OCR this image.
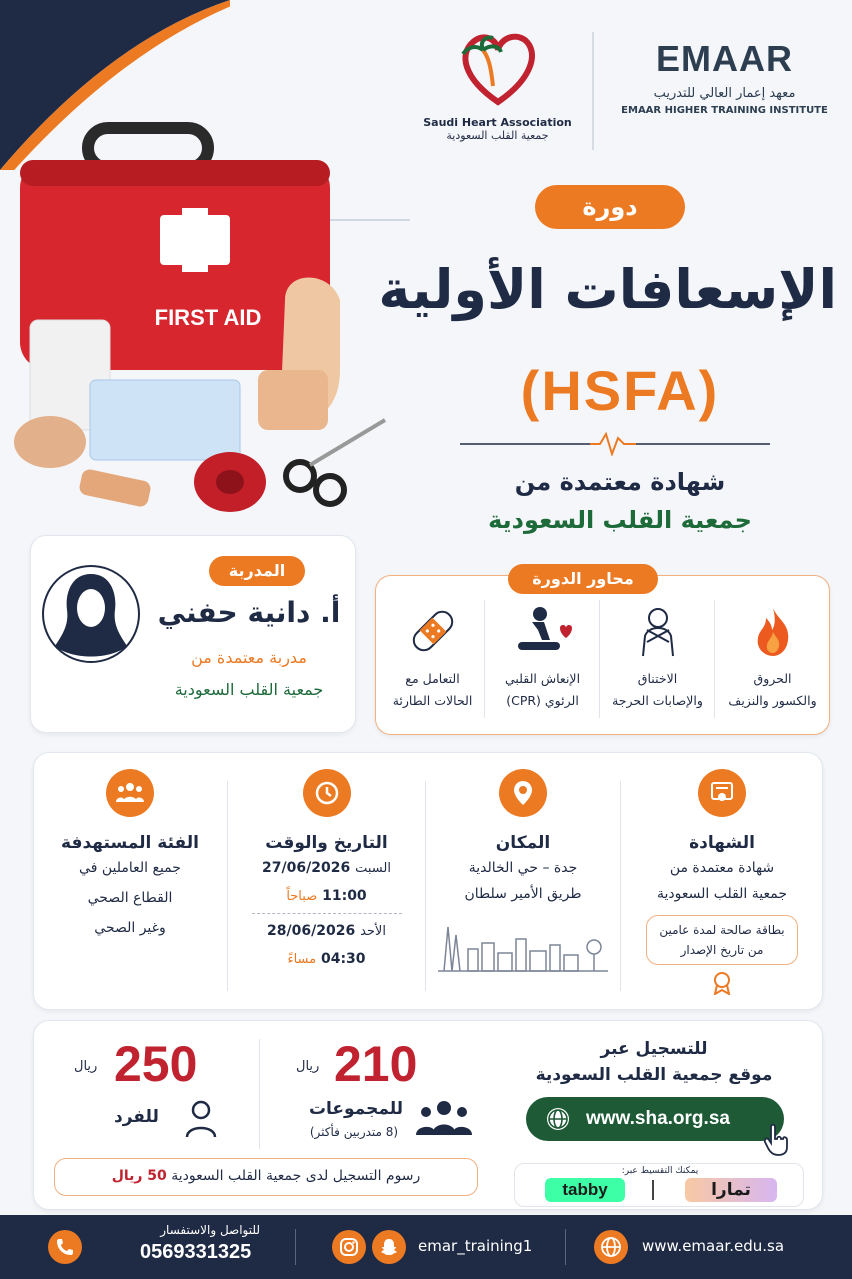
Saudi Heart Association
جمعية القلب السعودية
EMAAR
معهد إعمار العالي للتدريب
EMAAR HIGHER TRAINING INSTITUTE
FIRST AID
دورة
الإسعافات الأولية
(HSFA)
شهادة معتمدة من
جمعية القلب السعودية
المدربة
أ. دانية حفني
مدربة معتمدة من
جمعية القلب السعودية
محاور الدورة
الحروق
والكسور والنزيف
الاختناق
والإصابات الحرجة
الإنعاش القلبي
الرئوي (CPR)
التعامل مع
الحالات الطارئة
الشهادة
شهادة معتمدة من
جمعية القلب السعودية
بطاقة صالحة لمدة عامين
من تاريخ الإصدار
المكان
جدة – حي الخالدية
طريق الأمير سلطان
التاريخ والوقت
السبت 27/06/2026
11:00 صباحاً
الأحد 28/06/2026
04:30 مساءً
الفئة المستهدفة
جميع العاملين في
القطاع الصحي
وغير الصحي
ريال 250
للفرد
ريال 210
للمجموعات
(8 متدربين فأكثر)
رسوم التسجيل لدى جمعية القلب السعودية 50 ريال
للتسجيل عبر
موقع جمعية القلب السعودية
www.sha.org.sa
يمكنك التقسيط عبر:
tabby	تمارا
للتواصل والاستفسار
0569331325	emar_training1	www.emaar.edu.sa
